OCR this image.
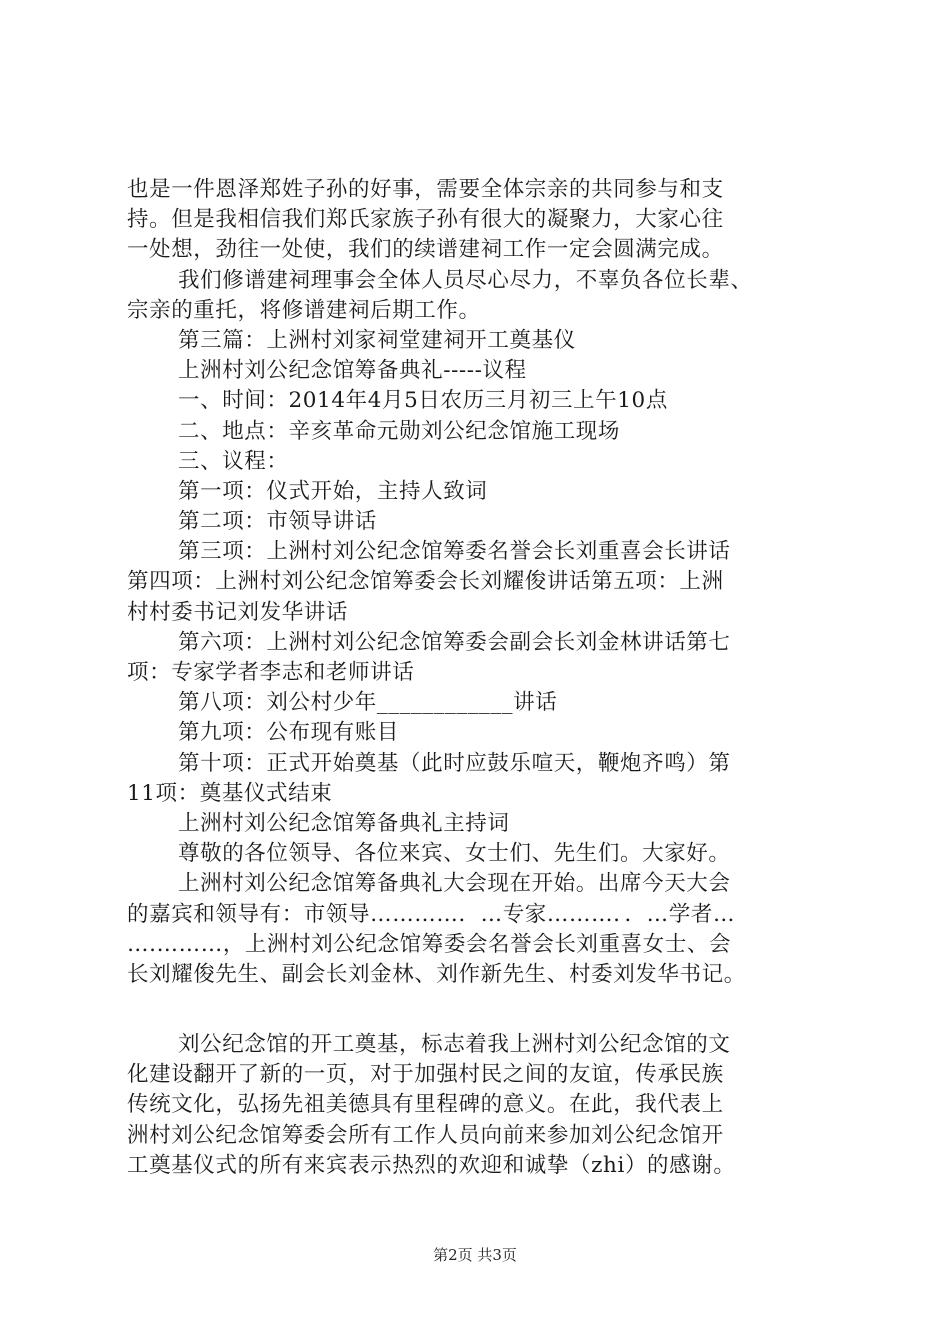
也是一件恩泽郑姓子孙的好事，需要全体宗亲的共同参与和支
持。但是我相信我们郑氏家族子孙有很大的凝聚力，大家心往
一处想，劲往一处使，我们的续谱建祠工作一定会圆满完成。
我们修谱建祠理事会全体人员尽心尽力，不辜负各位长辈、
宗亲的重托，将修谱建祠后期工作。
第三篇：上洲村刘家祠堂建祠开工奠基仪
上洲村刘公纪念馆筹备典礼-----议程
一、时间：2014年4月5日农历三月初三上午10点
二、地点：辛亥革命元勋刘公纪念馆施工现场
三、议程：
第一项：仪式开始，主持人致词
第二项：市领导讲话
第三项：上洲村刘公纪念馆筹委名誉会长刘重喜会长讲话
第四项：上洲村刘公纪念馆筹委会长刘耀俊讲话第五项：上洲
村村委书记刘发华讲话
第六项：上洲村刘公纪念馆筹委会副会长刘金林讲话第七
项：专家学者李志和老师讲话
第八项：刘公村少年____________讲话
第九项：公布现有账目
第十项：正式开始奠基（此时应鼓乐喧天，鞭炮齐鸣）第
11项：奠基仪式结束
上洲村刘公纪念馆筹备典礼主持词
尊敬的各位领导、各位来宾、女士们、先生们。大家好。
上洲村刘公纪念馆筹备典礼大会现在开始。出席今天大会
的嘉宾和领导有：市领导…………．…专家………．．…学者…
….………，上洲村刘公纪念馆筹委会名誉会长刘重喜女士、会
长刘耀俊先生、副会长刘金林、刘作新先生、村委刘发华书记。
刘公纪念馆的开工奠基，标志着我上洲村刘公纪念馆的文
化建设翻开了新的一页，对于加强村民之间的友谊，传承民族
传统文化，弘扬先祖美德具有里程碑的意义。在此，我代表上
洲村刘公纪念馆筹委会所有工作人员向前来参加刘公纪念馆开
工奠基仪式的所有来宾表示热烈的欢迎和诚挚（zhi）的感谢。
第2页 共3页
